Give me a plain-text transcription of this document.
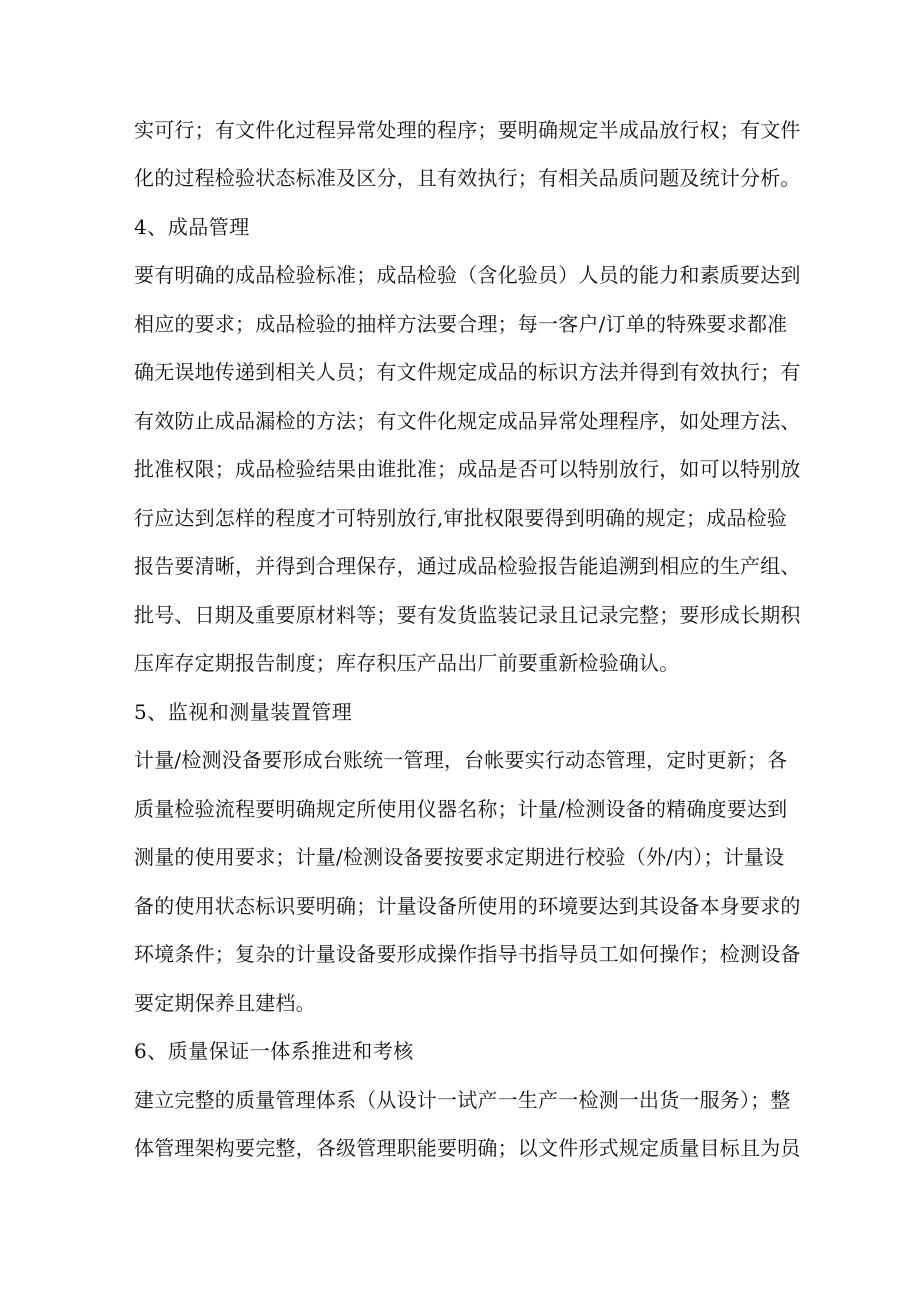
实可行；有文件化过程异常处理的程序；要明确规定半成品放行权；有文件
化的过程检验状态标准及区分，且有效执行；有相关品质问题及统计分析。
4、成品管理
要有明确的成品检验标准；成品检验（含化验员）人员的能力和素质要达到
相应的要求；成品检验的抽样方法要合理；每一客户/订单的特殊要求都准
确无误地传递到相关人员；有文件规定成品的标识方法并得到有效执行；有
有效防止成品漏检的方法；有文件化规定成品异常处理程序，如处理方法、
批准权限；成品检验结果由谁批准；成品是否可以特别放行，如可以特别放
行应达到怎样的程度才可特别放行,审批权限要得到明确的规定；成品检验
报告要清晰，并得到合理保存，通过成品检验报告能追溯到相应的生产组、
批号、日期及重要原材料等；要有发货监装记录且记录完整；要形成长期积
压库存定期报告制度；库存积压产品出厂前要重新检验确认。
5、监视和测量装置管理
计量/检测没备要形成台账统一管理，台帐要实行动态管理，定时更新；各
质量检验流程要明确规定所使用仪器名称；计量/检测设备的精确度要达到
测量的使用要求；计量/检测设备要按要求定期进行校验（外/内）；计量设
备的使用状态标识要明确；计量设备所使用的环境要达到其设备本身要求的
环境条件；复杂的计量设备要形成操作指导书指导员工如何操作；检测设备
要定期保养且建档。
6、质量保证一体系推进和考核
建立完整的质量管理体系（从设计一试产一生产一检测一出货一服务）；整
体管理架构要完整，各级管理职能要明确；以文件形式规定质量目标且为员
